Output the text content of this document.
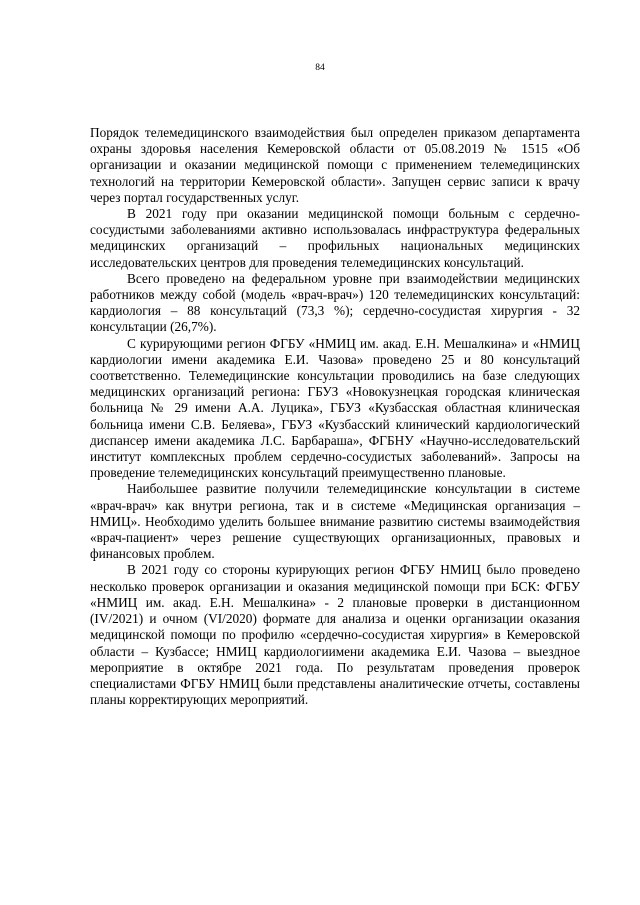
84

Порядок телемедицинского взаимодействия был определен приказом департамента охраны здоровья населения Кемеровской области от 05.08.2019 № 1515 «Об организации и оказании медицинской помощи с применением телемедицинских технологий на территории Кемеровской области». Запущен сервис записи к врачу через портал государственных услуг.

В 2021 году при оказании медицинской помощи больным с сердечно-сосудистыми заболеваниями активно использовалась инфраструктура федеральных медицинских организаций – профильных национальных медицинских исследовательских центров для проведения телемедицинских консультаций.

Всего проведено на федеральном уровне при взаимодействии медицинских работников между собой (модель «врач-врач») 120 телемедицинских консультаций: кардиология – 88 консультаций (73,3 %); сердечно-сосудистая хирургия - 32 консультации (26,7%).

С курирующими регион ФГБУ «НМИЦ им. акад. Е.Н. Мешалкина» и «НМИЦ кардиологии имени академика Е.И. Чазова» проведено 25 и 80 консультаций соответственно. Телемедицинские консультации проводились на базе следующих медицинских организаций региона: ГБУЗ «Новокузнецкая городская клиническая больница № 29 имени А.А. Луцика», ГБУЗ «Кузбасская областная клиническая больница имени С.В. Беляева», ГБУЗ «Кузбасский клинический кардиологический диспансер имени академика Л.С. Барбараша», ФГБНУ «Научно-исследовательский институт комплексных проблем сердечно-сосудистых заболеваний». Запросы на проведение телемедицинских консультаций преимущественно плановые.

Наибольшее развитие получили телемедицинские консультации в системе «врач-врач» как внутри региона, так и в системе «Медицинская организация – НМИЦ». Необходимо уделить большее внимание развитию системы взаимодействия «врач-пациент» через решение существующих организационных, правовых и финансовых проблем.

В 2021 году со стороны курирующих регион ФГБУ НМИЦ было проведено несколько проверок организации и оказания медицинской помощи при БСК: ФГБУ «НМИЦ им. акад. Е.Н. Мешалкина» - 2 плановые проверки в дистанционном (IV/2021) и очном (VI/2020) формате для анализа и оценки организации оказания медицинской помощи по профилю «сердечно-сосудистая хирургия» в Кемеровской области – Кузбассе; НМИЦ кардиологиимени академика Е.И. Чазова – выездное мероприятие в октябре 2021 года. По результатам проведения проверок специалистами ФГБУ НМИЦ были представлены аналитические отчеты, составлены планы корректирующих мероприятий.
